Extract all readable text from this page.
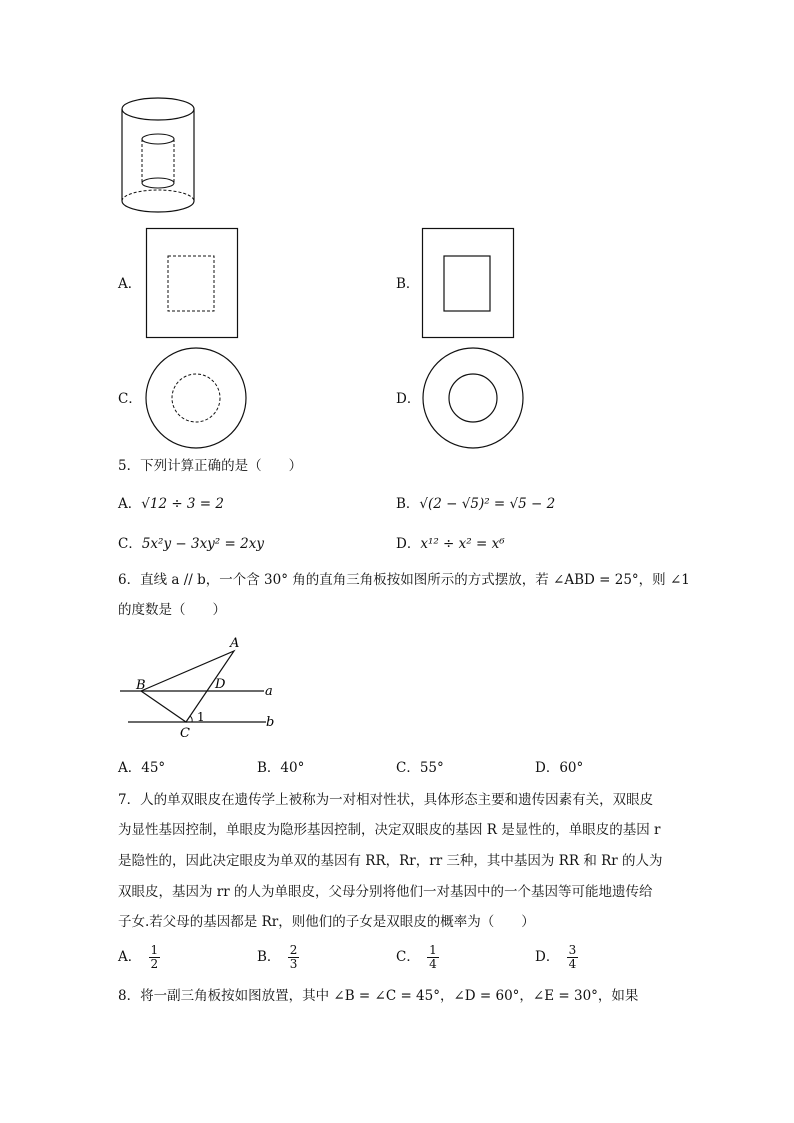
A．	B．
C．	D．
5．下列计算正确的是（　　）
A．√12 ÷ 3 = 2	B．√(2 − √5)² = √5 − 2
C．5x²y − 3xy² = 2xy	D．x¹² ÷ x² = x⁶
6．直线 a // b，一个含 30° 角的直角三角板按如图所示的方式摆放，若 ∠ABD = 25°，则 ∠1
的度数是（　　）
A
B	D	a
b
1
C
A．45°	B．40°	C．55°	D．60°
7．人的单双眼皮在遗传学上被称为一对相对性状，具体形态主要和遗传因素有关，双眼皮
为显性基因控制，单眼皮为隐形基因控制，决定双眼皮的基因 R 是显性的，单眼皮的基因 r
是隐性的，因此决定眼皮为单双的基因有 RR，Rr，rr 三种，其中基因为 RR 和 Rr 的人为
双眼皮，基因为 rr 的人为单眼皮，父母分别将他们一对基因中的一个基因等可能地遗传给
子女.若父母的基因都是 Rr，则他们的子女是双眼皮的概率为（　　）
A． $\frac{1}{2}$	B． $\frac{2}{3}$	C． $\frac{1}{4}$	D． $\frac{3}{4}$
8．将一副三角板按如图放置，其中 ∠B = ∠C = 45°，∠D = 60°，∠E = 30°，如果
